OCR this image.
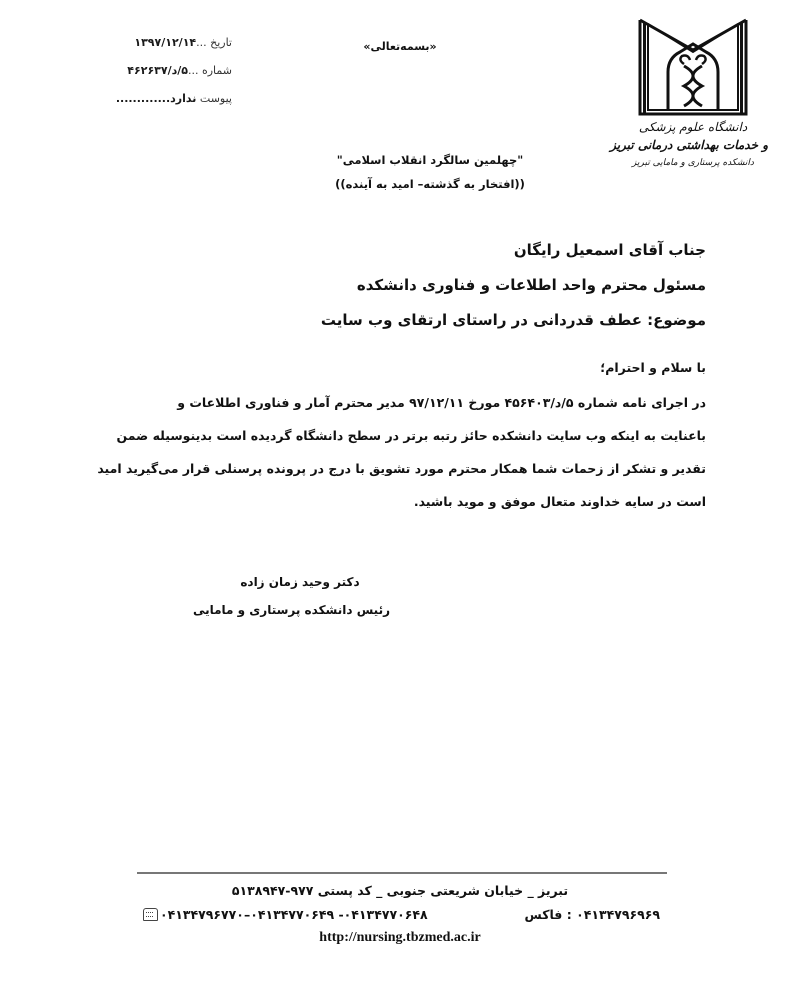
تاریخ ...۱۳۹۷/۱۲/۱۴
شماره ...۵/د/۴۶۲۶۳۷
پیوست ندارد.............
«بسمه‌تعالی»
دانشگاه علوم پزشکی
و خدمات بهداشتی درمانی تبریز
دانشکده پرستاری و مامایی تبریز
"چهلمین سالگرد انقلاب اسلامی"
((افتخار به گذشته– امید به آینده))
جناب آقای اسمعیل رایگان
مسئول محترم واحد اطلاعات و فناوری دانشکده
موضوع: عطف قدردانی در راستای ارتقای وب سایت
با سلام و احترام؛
در اجرای نامه شماره ۵/د/۴۵۶۴۰۳ مورخ ۹۷/۱۲/۱۱ مدیر محترم آمار و فناوری اطلاعات و
باعنایت به اینکه وب سایت دانشکده حائز رتبه برتر در سطح دانشگاه گردیده است بدینوسیله ضمن
تقدیر و تشکر از زحمات شما همکار محترم مورد تشویق با درج در پرونده پرسنلی قرار می‌گیرید امید
است در سایه خداوند متعال موفق و موید باشید.
دکتر وحید زمان زاده
رئیس دانشکده پرستاری و مامایی
تبریز _ خیابان شریعتی جنوبی _ کد پستی ۹۷۷-۵۱۳۸۹۴۷
۰۴۱۳۴۷۷۰۶۴۸- ۰۴۱۳۴۷۷۰۶۴۹–۰۴۱۳۴۷۹۶۷۷۰	۰۴۱۳۴۷۹۶۹۶۹ : فاکس
http://nursing.tbzmed.ac.ir
